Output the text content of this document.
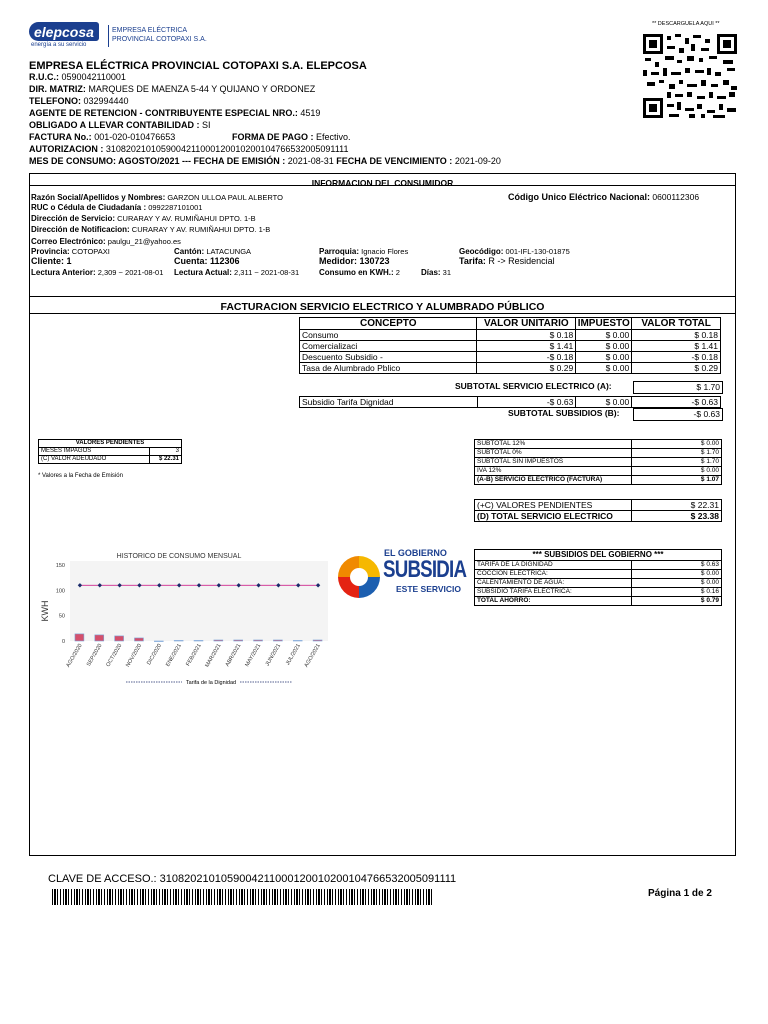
elepcosa
energía a su servicio
EMPRESA ELÉCTRICA
PROVINCIAL COTOPAXI S.A.
** DESCARGUELA AQUI **
EMPRESA ELÉCTRICA PROVINCIAL COTOPAXI S.A. ELEPCOSA
R.U.C.: 0590042110001
DIR. MATRIZ: MARQUES DE MAENZA 5-44 Y QUIJANO Y ORDONEZ
TELEFONO: 032994440
AGENTE DE RETENCION - CONTRIBUYENTE ESPECIAL NRO.: 4519
OBLIGADO A LLEVAR CONTABILIDAD : SI
FACTURA No.: 001-020-010476653	FORMA DE PAGO : Efectivo.
AUTORIZACION : 3108202101059004211000120010200104766532005091111
MES DE CONSUMO: AGOSTO/2021 --- FECHA DE EMISIÓN : 2021-08-31 FECHA DE VENCIMIENTO : 2021-09-20
INFORMACION DEL CONSUMIDOR
Razón Social/Apellidos y Nombres: GARZON ULLOA PAUL ALBERTO	Código Unico Eléctrico Nacional: 0600112306
RUC o Cédula de Ciudadanía : 0992287101001
Dirección de Servicio: CURARAY Y AV. RUMIÑAHUI DPTO. 1-B
Dirección de Notificacion: CURARAY Y AV. RUMIÑAHUI DPTO. 1-B
Correo Electrónico: paulgu_21@yahoo.es
Provincia: COTOPAXI	Cantón: LATACUNGA	Parroquia: Ignacio Flores	Geocódigo: 001-IFL-130-01875
Cliente: 1	Cuenta: 112306	Medidor: 130723	Tarifa: R -> Residencial
Lectura Anterior: 2,309 ~ 2021-08-01 Lectura Actual: 2,311 ~ 2021-08-31 Consumo en KWH.: 2	Días: 31
FACTURACION SERVICIO ELECTRICO Y ALUMBRADO PÚBLICO
CONCEPTO	VALOR UNITARIO	IMPUESTO	VALOR TOTAL
Consumo	$ 0.18	$ 0.00	$ 0.18
Comercializaci	$ 1.41	$ 0.00	$ 1.41
Descuento Subsidio -	-$ 0.18	$ 0.00	-$ 0.18
Tasa de Alumbrado Pblico	$ 0.29	$ 0.00	$ 0.29
SUBTOTAL SERVICIO ELECTRICO (A):	$ 1.70
Subsidio Tarifa Dignidad	-$ 0.63	$ 0.00	-$ 0.63
SUBTOTAL SUBSIDIOS (B):	-$ 0.63
VALORES PENDIENTES	
MESES IMPAGOS	3
(C) VALOR ADEUDADO	$ 22.31
* Valores a la Fecha de Emisión
SUBTOTAL 12%	$ 0.00
SUBTOTAL 0%	$ 1.70
SUBTOTAL SIN IMPUESTOS	$ 1.70
IVA 12%	$ 0.00
(A-B) SERVICIO ELECTRICO (FACTURA)	$ 1.07
(+C) VALORES PENDIENTES	$ 22.31
(D) TOTAL SERVICIO ELECTRICO	$ 23.38
HISTORICO DE CONSUMO MENSUAL
0
50
100
150
KWH
AGO/2020 SEP/2020 OCT/2020 NOV/2020 DIC/2020 ENE/2021 FEB/2021 MAR/2021 ABR/2021 MAY/2021 JUN/2021 JUL/2021 AGO/2021
Tarifa de la Dignidad
EL GOBIERNO
SUBSIDIA
ESTE SERVICIO
*** SUBSIDIOS DEL GOBIERNO ***	
TARIFA DE LA DIGNIDAD	$ 0.63
COCCION ELECTRICA:	$ 0.00
CALENTAMIENTO DE AGUA:	$ 0.00
SUBSIDIO TARIFA ELECTRICA:	$ 0.16
TOTAL AHORRO:	$ 0.79
CLAVE DE ACCESO.: 3108202101059004211000120010200104766532005091111
Página 1 de 2
